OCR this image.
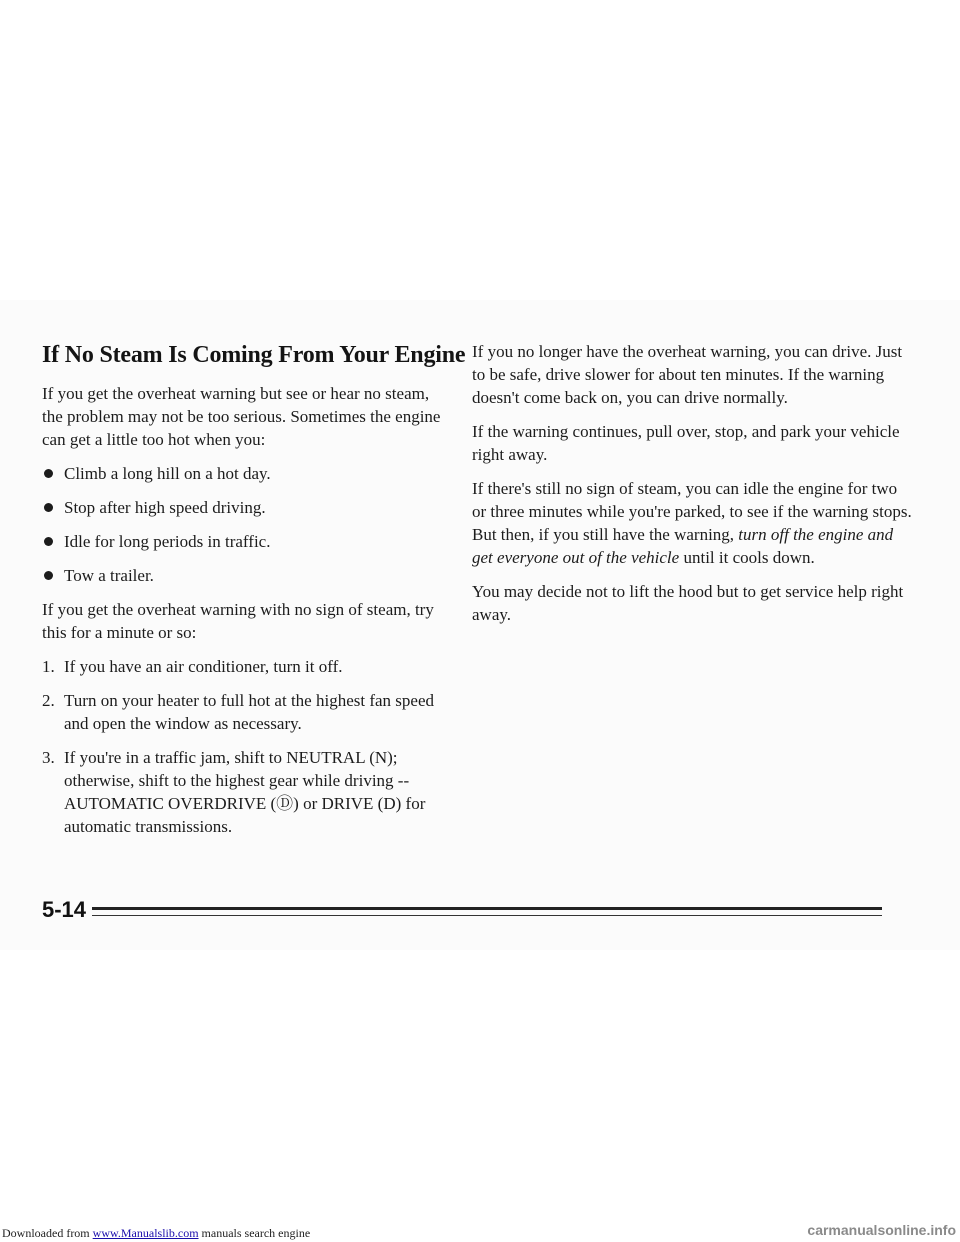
If No Steam Is Coming From Your Engine

If you get the overheat warning but see or hear no steam, the problem may not be too serious. Sometimes the engine can get a little too hot when you:

Climb a long hill on a hot day.
Stop after high speed driving.
Idle for long periods in traffic.
Tow a trailer.

If you get the overheat warning with no sign of steam, try this for a minute or so:

1. If you have an air conditioner, turn it off.
2. Turn on your heater to full hot at the highest fan speed and open the window as necessary.
3. If you're in a traffic jam, shift to NEUTRAL (N); otherwise, shift to the highest gear while driving -- AUTOMATIC OVERDRIVE (Ⓓ) or DRIVE (D) for automatic transmissions.

If you no longer have the overheat warning, you can drive. Just to be safe, drive slower for about ten minutes. If the warning doesn't come back on, you can drive normally.

If the warning continues, pull over, stop, and park your vehicle right away.

If there's still no sign of steam, you can idle the engine for two or three minutes while you're parked, to see if the warning stops. But then, if you still have the warning, turn off the engine and get everyone out of the vehicle until it cools down.

You may decide not to lift the hood but to get service help right away.

5-14
Downloaded from www.Manualslib.com manuals search engine	carmanualsonline.info
